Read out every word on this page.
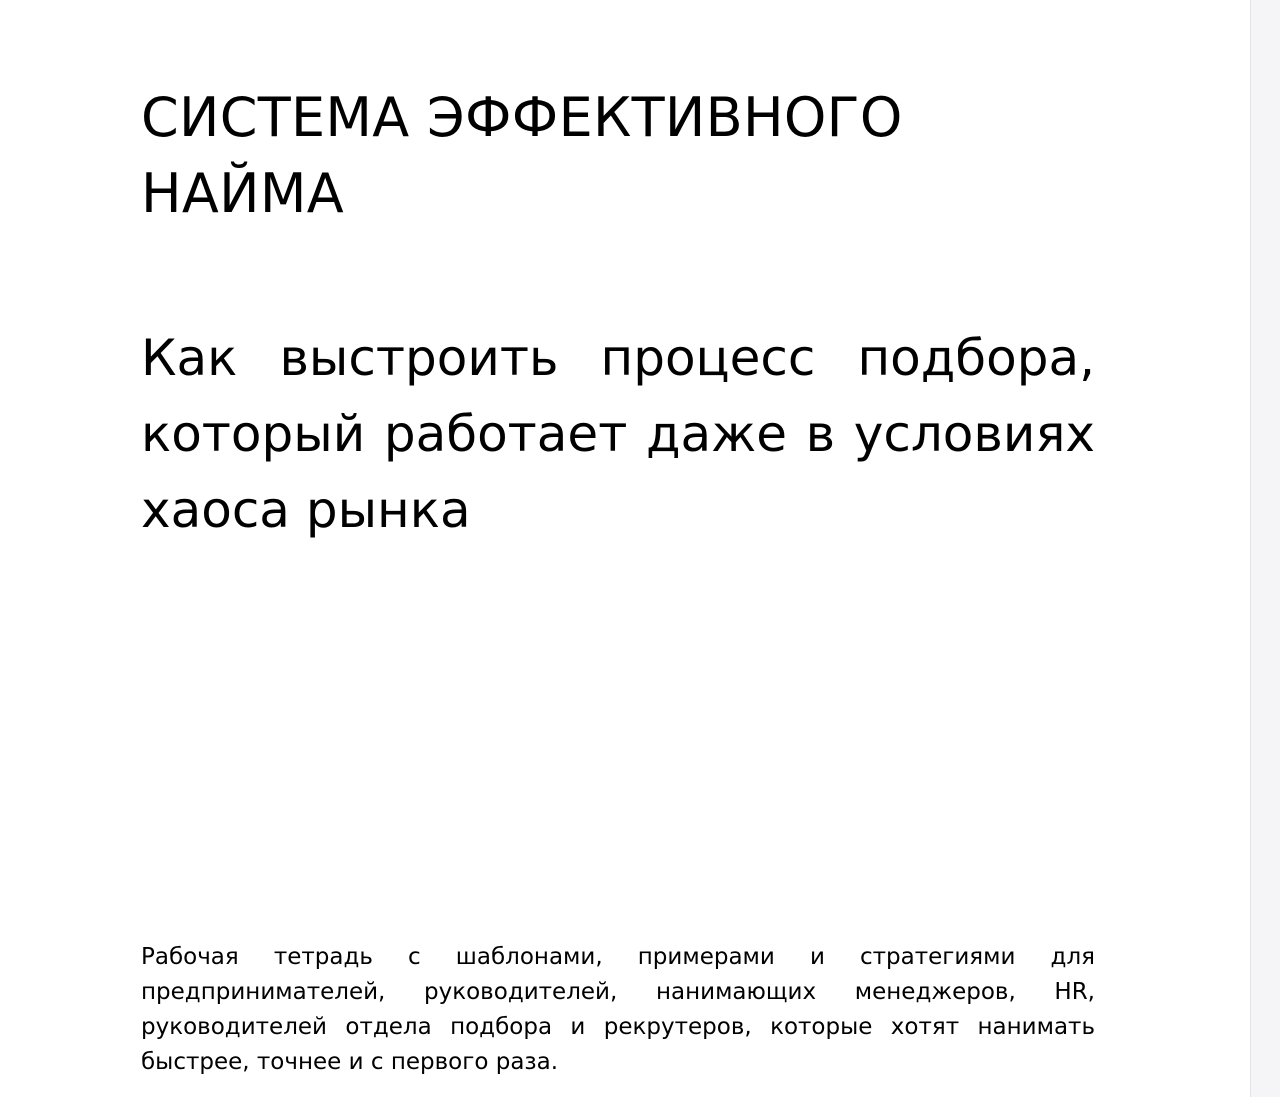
СИСТЕМА ЭФФЕКТИВНОГО НАЙМА
Как выстроить процесс подбора, который работает даже в условиях хаоса рынка

Рабочая тетрадь с шаблонами, примерами и стратегиями для предпринимателей, руководителей, нанимающих менеджеров, HR, руководителей отдела подбора и рекрутеров, которые хотят нанимать быстрее, точнее и с первого раза.
